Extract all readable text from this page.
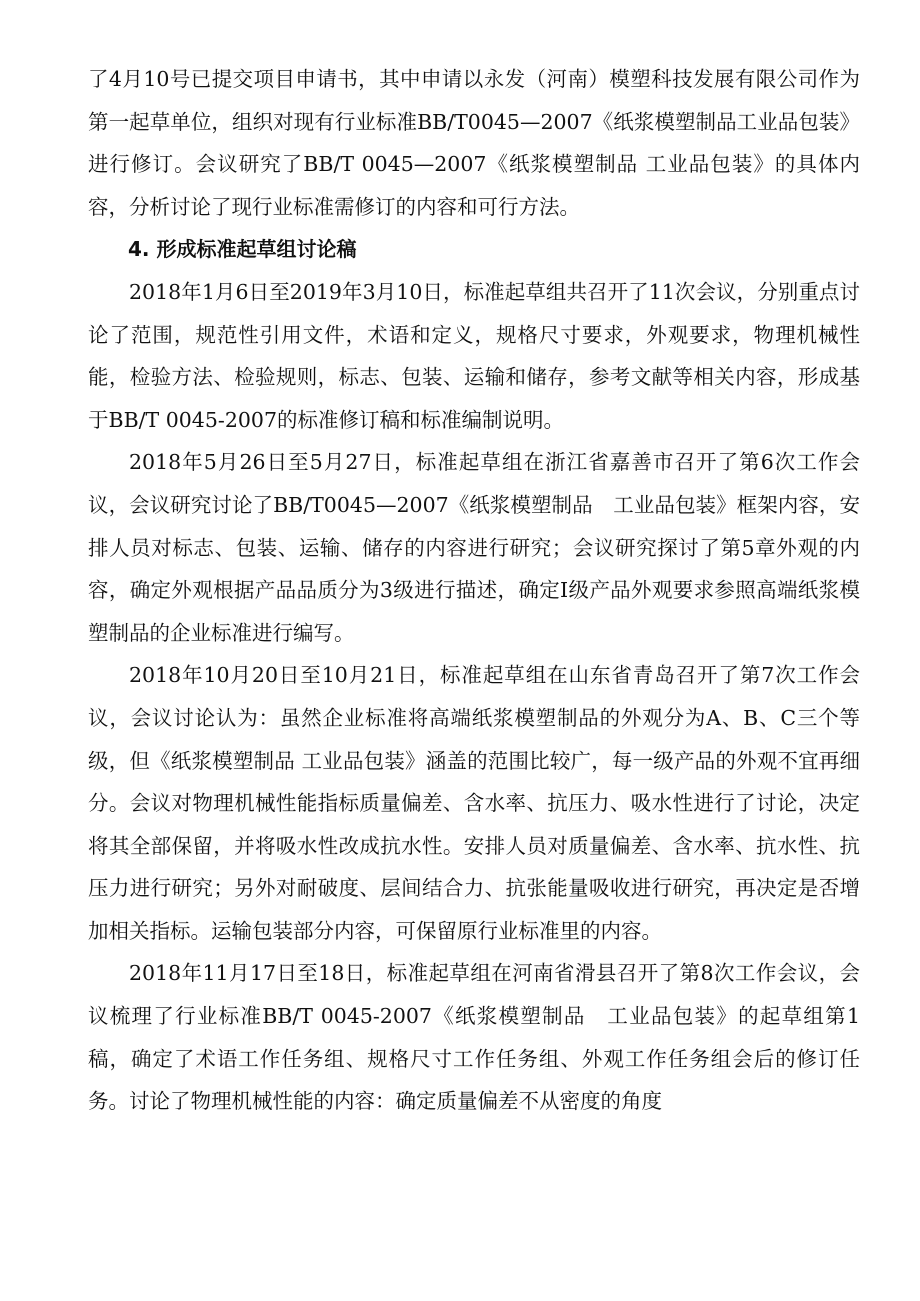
了4月10号已提交项目申请书，其中申请以永发（河南）模塑科技发展有限公司作为第一起草单位，组织对现有行业标准BB/T0045—2007《纸浆模塑制品工业品包装》进行修订。会议研究了BB/T 0045—2007《纸浆模塑制品 工业品包装》的具体内容，分析讨论了现行业标准需修订的内容和可行方法。

4. 形成标准起草组讨论稿

2018年1月6日至2019年3月10日，标准起草组共召开了11次会议，分别重点讨论了范围，规范性引用文件，术语和定义，规格尺寸要求，外观要求，物理机械性能，检验方法、检验规则，标志、包装、运输和储存，参考文献等相关内容，形成基于BB/T 0045-2007的标准修订稿和标准编制说明。

2018年5月26日至5月27日，标准起草组在浙江省嘉善市召开了第6次工作会议，会议研究讨论了BB/T0045—2007《纸浆模塑制品　工业品包装》框架内容，安排人员对标志、包装、运输、储存的内容进行研究；会议研究探讨了第5章外观的内容，确定外观根据产品品质分为3级进行描述，确定Ⅰ级产品外观要求参照高端纸浆模塑制品的企业标准进行编写。

2018年10月20日至10月21日，标准起草组在山东省青岛召开了第7次工作会议，会议讨论认为：虽然企业标准将高端纸浆模塑制品的外观分为A、B、C三个等级，但《纸浆模塑制品 工业品包装》涵盖的范围比较广，每一级产品的外观不宜再细分。会议对物理机械性能指标质量偏差、含水率、抗压力、吸水性进行了讨论，决定将其全部保留，并将吸水性改成抗水性。安排人员对质量偏差、含水率、抗水性、抗压力进行研究；另外对耐破度、层间结合力、抗张能量吸收进行研究，再决定是否增加相关指标。运输包装部分内容，可保留原行业标准里的内容。

2018年11月17日至18日，标准起草组在河南省滑县召开了第8次工作会议，会议梳理了行业标准BB/T 0045-2007《纸浆模塑制品　工业品包装》的起草组第1稿，确定了术语工作任务组、规格尺寸工作任务组、外观工作任务组会后的修订任务。讨论了物理机械性能的内容：确定质量偏差不从密度的角度
